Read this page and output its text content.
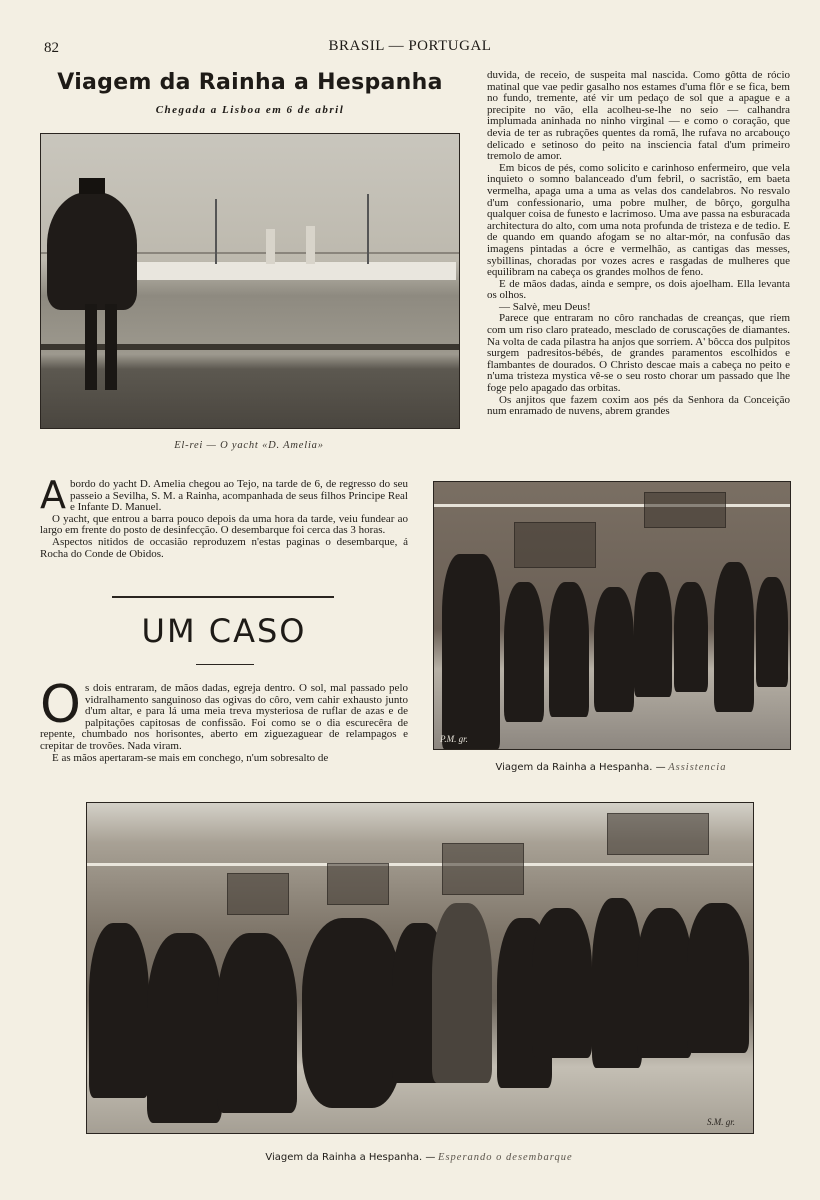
82	BRASIL — PORTUGAL
Viagem da Rainha a Hespanha
Chegada a Lisboa em 6 de abril
El-rei — O yacht «D. Amelia»

duvida, de receio, de suspeita mal nascida. Como gôtta de rócio matinal que vae pedir gasalho nos estames d'uma flôr e se fica, bem no fundo, tremente, até vir um pedaço de sol que a apague e a precipite no vão, ella acolheu-se-lhe no seio — calhandra implumada aninhada no ninho virginal — e como o coração, que devia de ter as rubrações quentes da romã, lhe rufava no arcabouço delicado e setinoso do peito na insciencia fatal d'um primeiro tremolo de amor.

Em bicos de pés, como solicito e carinhoso enfermeiro, que vela inquieto o somno balanceado d'um febril, o sacristão, em baeta vermelha, apaga uma a uma as velas dos candelabros. No resvalo d'um confessionario, uma pobre mulher, de bôrço, gorgulha qualquer coisa de funesto e lacrimoso. Uma ave passa na esburacada architectura do alto, com uma nota profunda de tristeza e de tedio. E de quando em quando afogam se no altar-mór, na confusão das imagens pintadas a ócre e vermelhão, as cantigas das messes, sybillinas, choradas por vozes acres e rasgadas de mulheres que equilibram na cabeça os grandes molhos de feno.

E de mãos dadas, ainda e sempre, os dois ajoelham. Ella levanta os olhos.

— Salvè, meu Deus!

Parece que entraram no côro ranchadas de creanças, que riem com um riso claro prateado, mesclado de coruscações de diamantes. Na volta de cada pilastra ha anjos que sorriem. A' bôcca dos pulpitos surgem padresitos-bébés, de grandes paramentos escolhidos e flambantes de dourados. O Christo descae mais a cabeça no peito e n'uma tristeza mystica vê-se o seu rosto chorar um passado que lhe foge pelo apagado das orbitas.

Os anjitos que fazem coxim aos pés da Senhora da Conceição num enramado de nuvens, abrem grandes

A bordo do yacht D. Amelia chegou ao Tejo, na tarde de 6, de regresso do seu passeio a Sevilha, S. M. a Rainha, acompanhada de seus filhos Principe Real e Infante D. Manuel.

O yacht, que entrou a barra pouco depois da uma hora da tarde, veiu fundear ao largo em frente do posto de desinfecção. O desembarque foi cerca das 3 horas.

Aspectos nitidos de occasião reproduzem n'estas paginas o desembarque, á Rocha do Conde de Obidos.

UM CASO
O s dois entraram, de mãos dadas, egreja dentro. O sol, mal passado pelo vidralhamento sanguinoso das ogivas do côro, vem cahir exhausto junto d'um altar, e para lá uma meia treva mysteriosa de ruflar de azas e de palpitações capitosas de confissão. Foi como se o dia escurecêra de repente, chumbado nos horisontes, aberto em ziguezaguear de relampagos e crepitar de trovões. Nada viram.

E as mãos apertaram-se mais em conchego, n'um sobresalto de

P.M. gr.
Viagem da Rainha a Hespanha. — Assistencia
S.M. gr.
Viagem da Rainha a Hespanha. — Esperando o desembarque
